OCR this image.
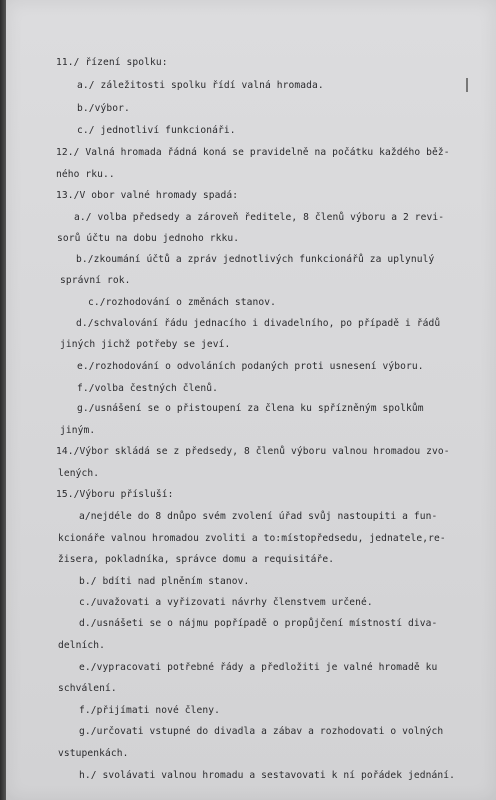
11./ řízení spolku:
a./ záležitosti spolku řídí valná hromada.
b./výbor.
c./ jednotliví funkcionáři.
12./ Valná hromada řádná koná se pravidelně na počátku každého běž-
ného rku..
13./V obor valné hromady spadá:
a./ volba předsedy a zároveň ředitele, 8 členů výboru a 2 revi-
sorů účtu na dobu jednoho rkku.
b./zkoumání účtů a zpráv jednotlivých funkcionářů za uplynulý
správní rok.
c./rozhodování o změnách stanov.
d./schvalování řádu jednacího i divadelního, po případě i řádů
jiných jichž potřeby se jeví.
e./rozhodování o odvoláních podaných proti usnesení výboru.
f./volba čestných členů.
g./usnášení se o přistoupení za člena ku spřízněným spolkům
jiným.
14./Výbor skládá se z předsedy, 8 členů výboru valnou hromadou zvo-
lených.
15./Výboru přísluší:
a/nejdéle do 8 dnůpo svém zvolení úřad svůj nastoupiti a fun-
kcionáře valnou hromadou zvoliti a to:místopředsedu, jednatele,re-
žisera, pokladníka, správce domu a requisitáře.
b./ bdíti nad plněním stanov.
c./uvažovati a vyřizovati návrhy členstvem určené.
d./usnášeti se o nájmu popřípadě o propůjčení místností diva-
delních.
e./vypracovati potřebné řády a předložiti je valné hromadě ku
schválení.
f./přijímati nové členy.
g./určovati vstupné do divadla a zábav a rozhodovati o volných
vstupenkách.
h./ svolávati valnou hromadu a sestavovati k ní pořádek jednání.
